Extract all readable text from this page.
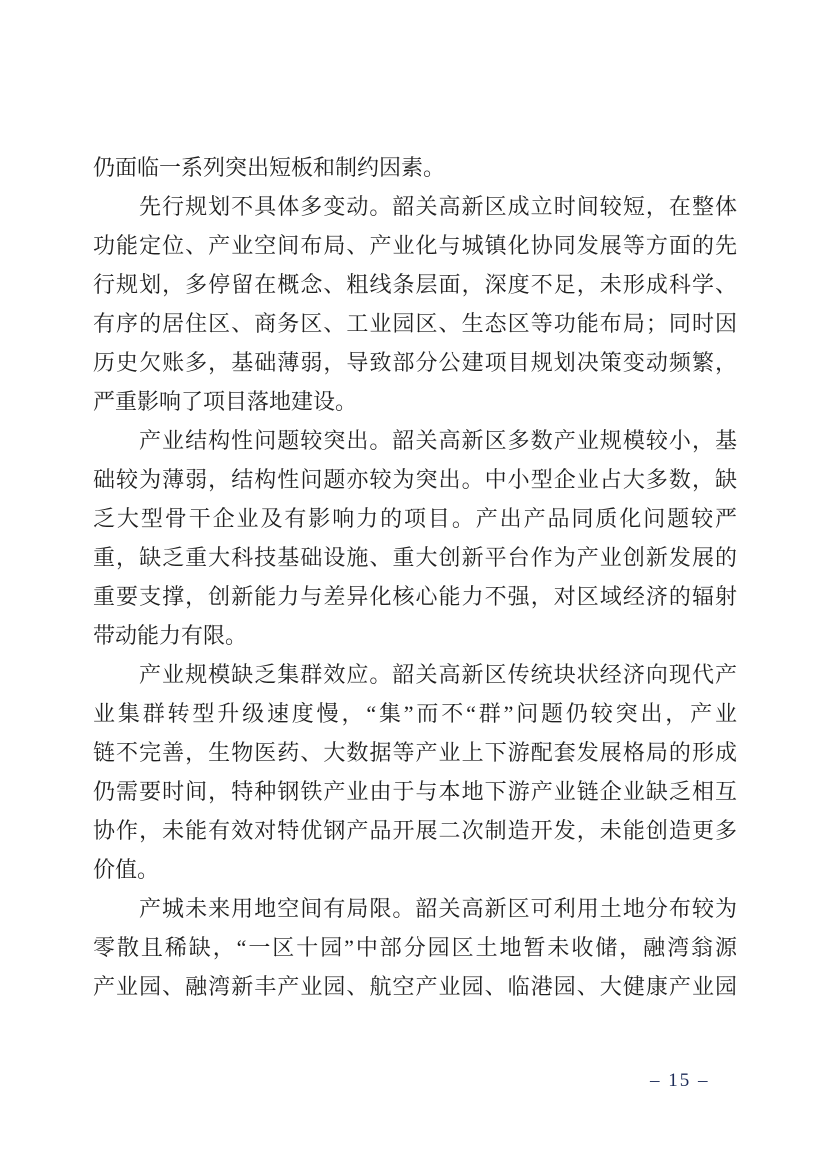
仍面临一系列突出短板和制约因素。
先行规划不具体多变动。韶关高新区成立时间较短，在整体
功能定位、产业空间布局、产业化与城镇化协同发展等方面的先
行规划，多停留在概念、粗线条层面，深度不足，未形成科学、
有序的居住区、商务区、工业园区、生态区等功能布局；同时因
历史欠账多，基础薄弱，导致部分公建项目规划决策变动频繁，
严重影响了项目落地建设。
产业结构性问题较突出。韶关高新区多数产业规模较小，基
础较为薄弱，结构性问题亦较为突出。中小型企业占大多数，缺
乏大型骨干企业及有影响力的项目。产出产品同质化问题较严
重，缺乏重大科技基础设施、重大创新平台作为产业创新发展的
重要支撑，创新能力与差异化核心能力不强，对区域经济的辐射
带动能力有限。
产业规模缺乏集群效应。韶关高新区传统块状经济向现代产
业集群转型升级速度慢，“集”而不“群”问题仍较突出，产业
链不完善，生物医药、大数据等产业上下游配套发展格局的形成
仍需要时间，特种钢铁产业由于与本地下游产业链企业缺乏相互
协作，未能有效对特优钢产品开展二次制造开发，未能创造更多
价值。
产城未来用地空间有局限。韶关高新区可利用土地分布较为
零散且稀缺，“一区十园”中部分园区土地暂未收储，融湾翁源
产业园、融湾新丰产业园、航空产业园、临港园、大健康产业园
– 15 –
